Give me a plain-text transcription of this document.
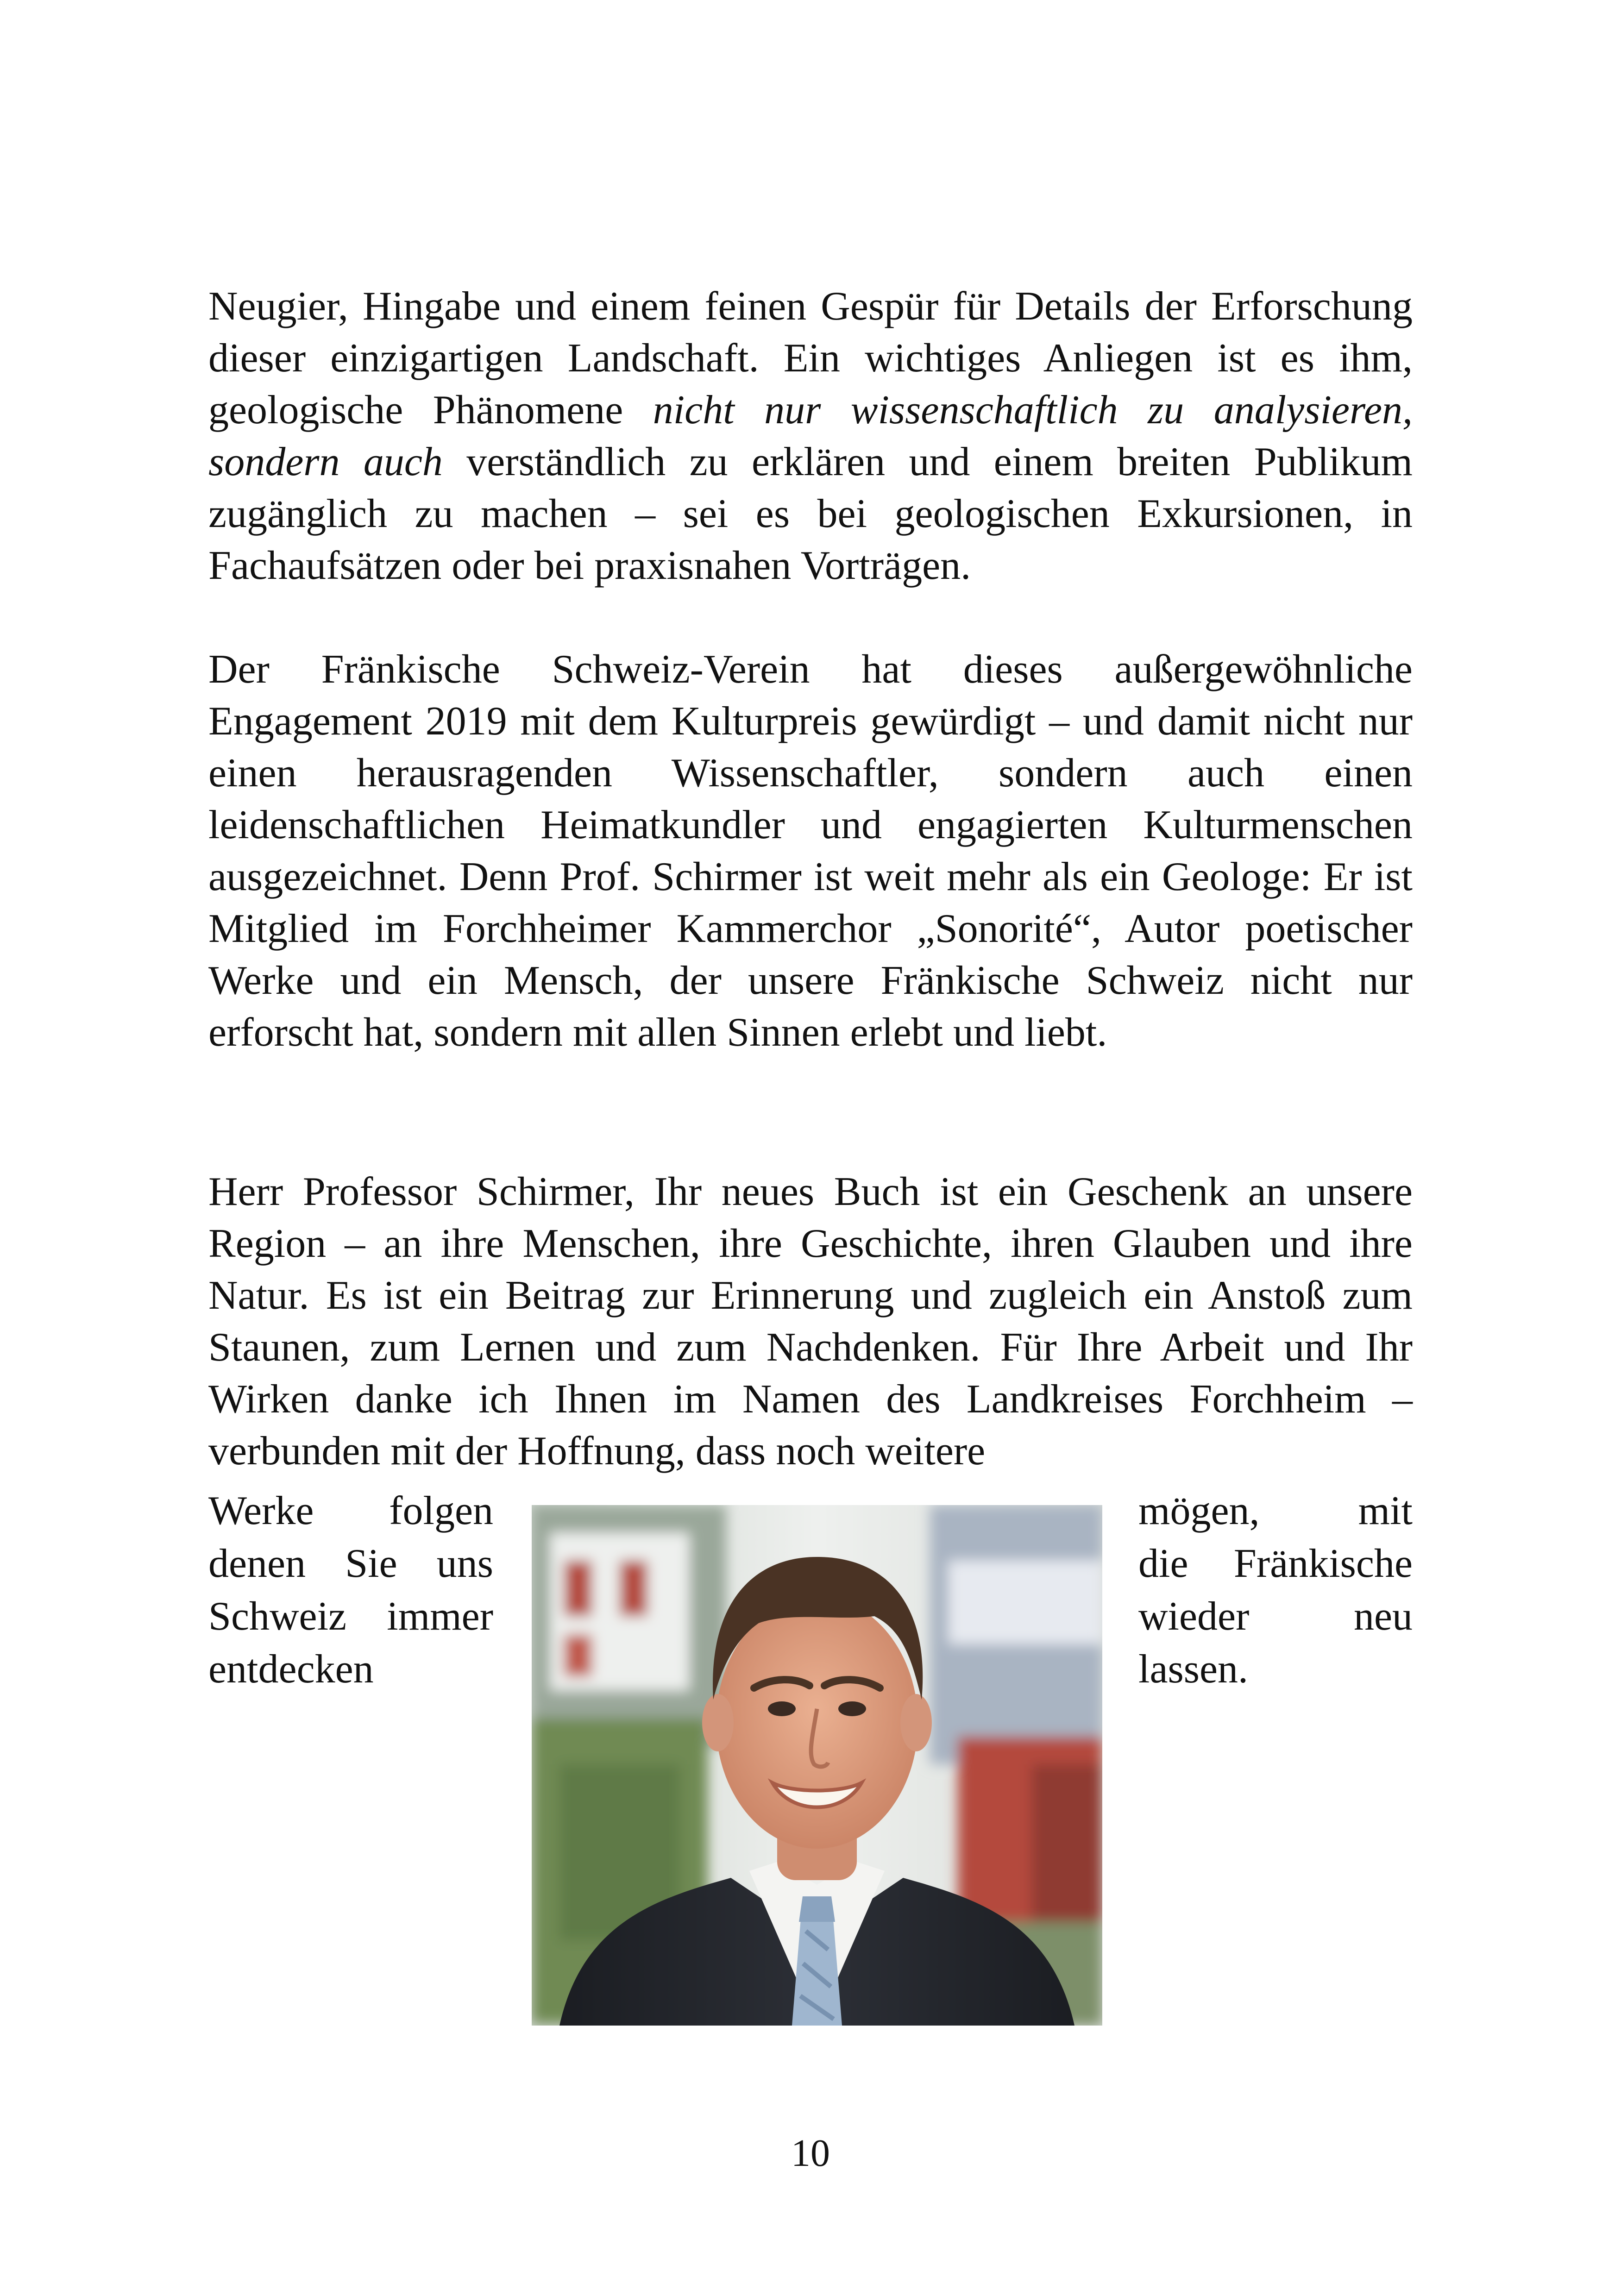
Neugier, Hingabe und einem feinen Gespür für Details der Erforschung dieser einzigartigen Landschaft. Ein wichtiges Anliegen ist es ihm, geologische Phänomene nicht nur wissenschaftlich zu analysieren, sondern auch verständlich zu erklären und einem breiten Publikum zugänglich zu machen – sei es bei geologischen Exkursionen, in Fachaufsätzen oder bei praxisnahen Vorträgen.

Der Fränkische Schweiz-Verein hat dieses außergewöhnliche Engagement 2019 mit dem Kulturpreis gewürdigt – und damit nicht nur einen herausragenden Wissenschaftler, sondern auch einen leidenschaftlichen Heimatkundler und engagierten Kulturmenschen ausgezeichnet. Denn Prof. Schirmer ist weit mehr als ein Geologe: Er ist Mitglied im Forchheimer Kammerchor „Sonorité“, Autor poetischer Werke und ein Mensch, der unsere Fränkische Schweiz nicht nur erforscht hat, sondern mit allen Sinnen erlebt und liebt.

Herr Professor Schirmer, Ihr neues Buch ist ein Geschenk an unsere Region – an ihre Menschen, ihre Geschichte, ihren Glauben und ihre Natur. Es ist ein Beitrag zur Erinnerung und zugleich ein Anstoß zum Staunen, zum Lernen und zum Nachdenken. Für Ihre Arbeit und Ihr Wirken danke ich Ihnen im Namen des Landkreises Forchheim – verbunden mit der Hoffnung, dass noch weitere

Werke folgen
denen Sie uns
Schweiz immer
entdecken
mögen, mit
die Fränkische
wieder neu
lassen.

10
